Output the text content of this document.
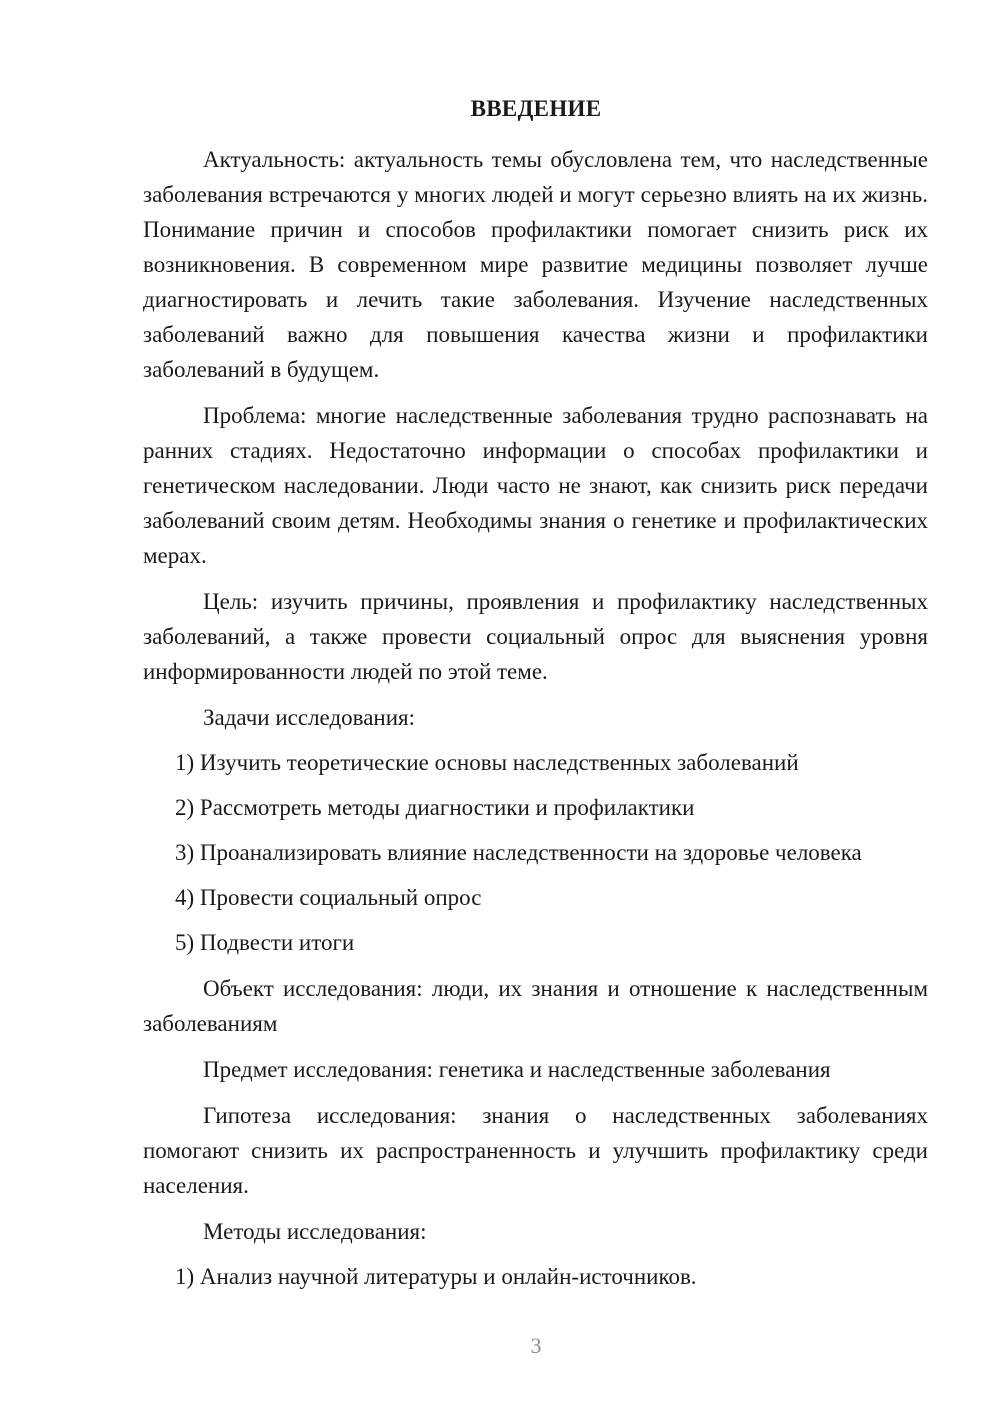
ВВЕДЕНИЕ

Актуальность: актуальность темы обусловлена тем, что наследственные заболевания встречаются у многих людей и могут серьезно влиять на их жизнь. Понимание причин и способов профилактики помогает снизить риск их возникновения. В современном мире развитие медицины позволяет лучше диагностировать и лечить такие заболевания. Изучение наследственных заболеваний важно для повышения качества жизни и профилактики заболеваний в будущем.

Проблема: многие наследственные заболевания трудно распознавать на ранних стадиях. Недостаточно информации о способах профилактики и генетическом наследовании. Люди часто не знают, как снизить риск передачи заболеваний своим детям. Необходимы знания о генетике и профилактических мерах.

Цель: изучить причины, проявления и профилактику наследственных заболеваний, а также провести социальный опрос для выяснения уровня информированности людей по этой теме.

Задачи исследования:

1) Изучить теоретические основы наследственных заболеваний

2) Рассмотреть методы диагностики и профилактики

3) Проанализировать влияние наследственности на здоровье человека

4) Провести социальный опрос

5) Подвести итоги

Объект исследования: люди, их знания и отношение к наследственным заболеваниям

Предмет исследования: генетика и наследственные заболевания

Гипотеза исследования: знания о наследственных заболеваниях помогают снизить их распространенность и улучшить профилактику среди населения.

Методы исследования:

1) Анализ научной литературы и онлайн-источников.

3
